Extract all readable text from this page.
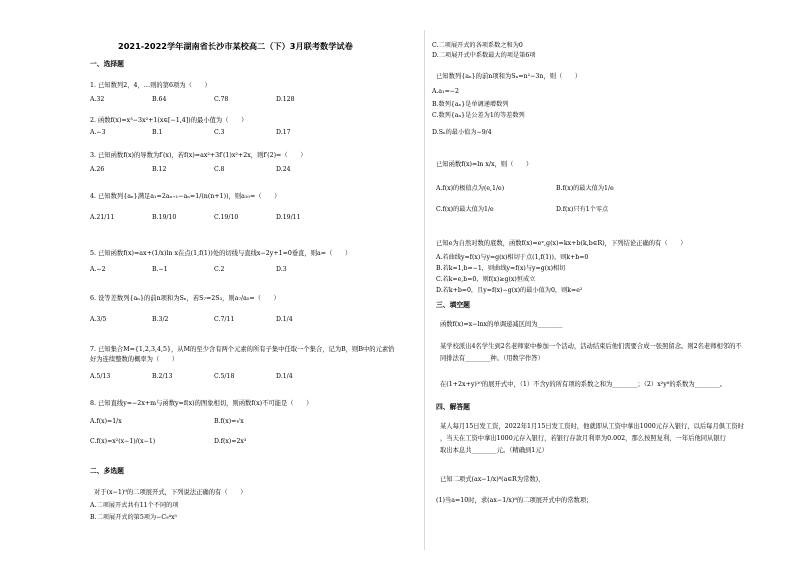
2021-2022学年湖南省长沙市某校高二（下）3月联考数学试卷
一、选择题
1. 已知数列2，4，…则的第6项为（　　）
A.32	B.64	C.78	D.128
2. 函数f(x)=x³−3x²+1(x∈[−1,4])的最小值为（　　）
A.−3	B.1	C.3	D.17
3. 已知函数f(x)的导数为f′(x)，若f(x)=ax²+3f′(1)x²+2x，则f′(2)=（　　）
A.26	B.12	C.8	D.24
4. 已知数列{aₙ}满足a₁=2aₙ₊₁−aₙ=1/(n(n+1))，则a₁₀=（　　）
A.21/11	B.19/10	C.19/10	D.19/11
5. 已知函数f(x)=ax+(1/x)ln x在点(1,f(1))处的切线与直线x−2y+1=0垂直，则a=（　　）
A.−2	B.−1	C.2	D.3
6. 设等差数列{aₙ}的前n项和为Sₙ，若S₇=2S₃，则a₇/a₅=（　　）
A.3/5	B.3/2	C.7/11	D.1/4
7. 已知集合M={1,2,3,4,5}，从M的至少含有两个元素的所有子集中任取一个集合，记为B，则B中的元素恰
好为连续整数的概率为（　　）
A.5/13	B.2/13	C.5/18	D.1/4
8. 已知直线y=−2x+m与函数y=f(x)的图象相切，则函数f(x)不可能是（　　）
A.f(x)=1/x	B.f(x)=√x
C.f(x)=x²(x−1)/(x−1)	D.f(x)=2x³
二、多选题
对于(x−1)⁹的二项展开式，下列说法正确的有（　　）
A.二项展开式共有11个不同的项
B.二项展开式的第5项为−C₉⁴x⁵
C.二项展开式的各项系数之和为0
D.二项展开式中系数最大的项是第6项
已知数列{aₙ}的前n项和为Sₙ=n²−3n，则（　　）
A.a₁=−2
B.数列{aₙ}是单调递增数列
C.数列{aₙ}是公差为1的等差数列
D.Sₙ的最小值为−9/4
已知函数f(x)=ln x/x，则（　　）
A.f(x)的极值点为(e,1/e)	B.f(x)的最大值为1/e
C.f(x)的最大值为1/e	D.f(x)只有1个零点
已知e为自然对数的底数，函数f(x)=eˣ,g(x)=kx+b(k,b∈R)，下列结论正确的有（　　）
A.若曲线y=f(x)与y=g(x)相切于点(1,f(1))，则k+b=0
B.若k=1,b=−1，则曲线y=f(x)与y=g(x)相切
C.若k=e,b=0，则f(x)≥g(x)恒成立
D.若k+b=0，且y=f(x)−g(x)的最小值为0，则k=e²
三、填空题
函数f(x)=x−lnx的单调递减区间为________
某学校派出4名学生到2名老师家中参加一个活动，活动结束后他们需要合成一张照留念。则2名老师相邻的不
同排法有________种。（用数字作答）
在(1+2x+y)¹⁰的展开式中，（1）不含y的所有项的系数之和为________；（2）x²y⁸的系数为________。
四、解答题
某人每月15日发工资，2022年1月15日发工资时，他就即从工资中拿出1000元存入银行，以后每月俱工资时
，当天在工资中拿出1000元存入银行，若银行存款月利率为0.002，那么按照复利，一年后他同从银行
取出本息共________元。（精确到1元）
已知二项式(ax−1/x)⁸(a∈R为常数)，
(1)当a=10时，求(ax−1/x)⁸的二项展开式中的常数项；
